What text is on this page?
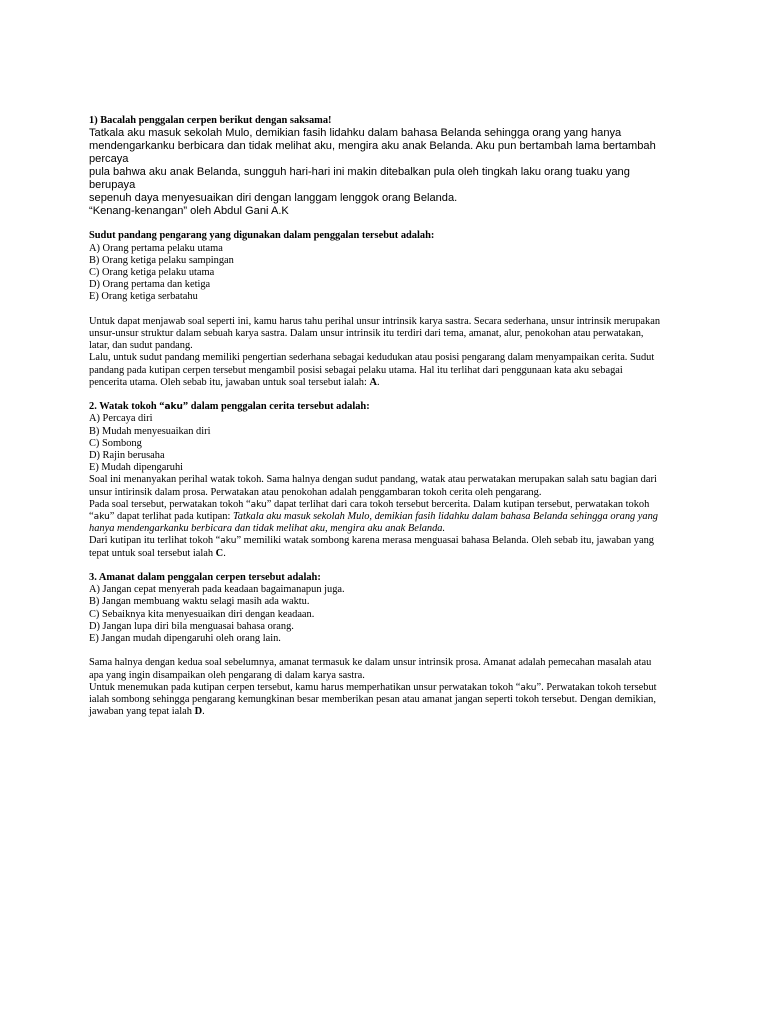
1) Bacalah penggalan cerpen berikut dengan saksama!

Tatkala aku masuk sekolah Mulo, demikian fasih lidahku dalam bahasa Belanda sehingga orang yang hanya

mendengarkanku berbicara dan tidak melihat aku, mengira aku anak Belanda. Aku pun bertambah lama bertambah percaya

pula bahwa aku anak Belanda, sungguh hari-hari ini makin ditebalkan pula oleh tingkah laku orang tuaku yang berupaya

sepenuh daya menyesuaikan diri dengan langgam lenggok orang Belanda.

“Kenang-kenangan” oleh Abdul Gani A.K

Sudut pandang pengarang yang digunakan dalam penggalan tersebut adalah:

A) Orang pertama pelaku utama

B) Orang ketiga pelaku sampingan

C) Orang ketiga pelaku utama

D) Orang pertama dan ketiga

E) Orang ketiga serbatahu

Untuk dapat menjawab soal seperti ini, kamu harus tahu perihal unsur intrinsik karya sastra. Secara sederhana, unsur intrinsik merupakan

unsur-unsur struktur dalam sebuah karya sastra. Dalam unsur intrinsik itu terdiri dari tema, amanat, alur, penokohan atau perwatakan,

latar, dan sudut pandang.

Lalu, untuk sudut pandang memiliki pengertian sederhana sebagai kedudukan atau posisi pengarang dalam menyampaikan cerita. Sudut

pandang pada kutipan cerpen tersebut mengambil posisi sebagai pelaku utama. Hal itu terlihat dari penggunaan kata aku sebagai

pencerita utama. Oleh sebab itu, jawaban untuk soal tersebut ialah: A.

2. Watak tokoh “aku” dalam penggalan cerita tersebut adalah:

A) Percaya diri

B) Mudah menyesuaikan diri

C) Sombong

D) Rajin berusaha

E) Mudah dipengaruhi

Soal ini menanyakan perihal watak tokoh. Sama halnya dengan sudut pandang, watak atau perwatakan merupakan salah satu bagian dari

unsur intirinsik dalam prosa. Perwatakan atau penokohan adalah penggambaran tokoh cerita oleh pengarang.

Pada soal tersebut, perwatakan tokoh “aku” dapat terlihat dari cara tokoh tersebut bercerita. Dalam kutipan tersebut, perwatakan tokoh

“aku” dapat terlihat pada kutipan: Tatkala aku masuk sekolah Mulo, demikian fasih lidahku dalam bahasa Belanda sehingga orang yang

hanya mendengarkanku berbicara dan tidak melihat aku, mengira aku anak Belanda.

Dari kutipan itu terlihat tokoh “aku” memiliki watak sombong karena merasa menguasai bahasa Belanda. Oleh sebab itu, jawaban yang

tepat untuk soal tersebut ialah C.

3. Amanat dalam penggalan cerpen tersebut adalah:

A) Jangan cepat menyerah pada keadaan bagaimanapun juga.

B) Jangan membuang waktu selagi masih ada waktu.

C) Sebaiknya kita menyesuaikan diri dengan keadaan.

D) Jangan lupa diri bila menguasai bahasa orang.

E) Jangan mudah dipengaruhi oleh orang lain.

Sama halnya dengan kedua soal sebelumnya, amanat termasuk ke dalam unsur intrinsik prosa. Amanat adalah pemecahan masalah atau

apa yang ingin disampaikan oleh pengarang di dalam karya sastra.

Untuk menemukan pada kutipan cerpen tersebut, kamu harus memperhatikan unsur perwatakan tokoh “aku”. Perwatakan tokoh tersebut

ialah sombong sehingga pengarang kemungkinan besar memberikan pesan atau amanat jangan seperti tokoh tersebut. Dengan demikian,

jawaban yang tepat ialah D.
